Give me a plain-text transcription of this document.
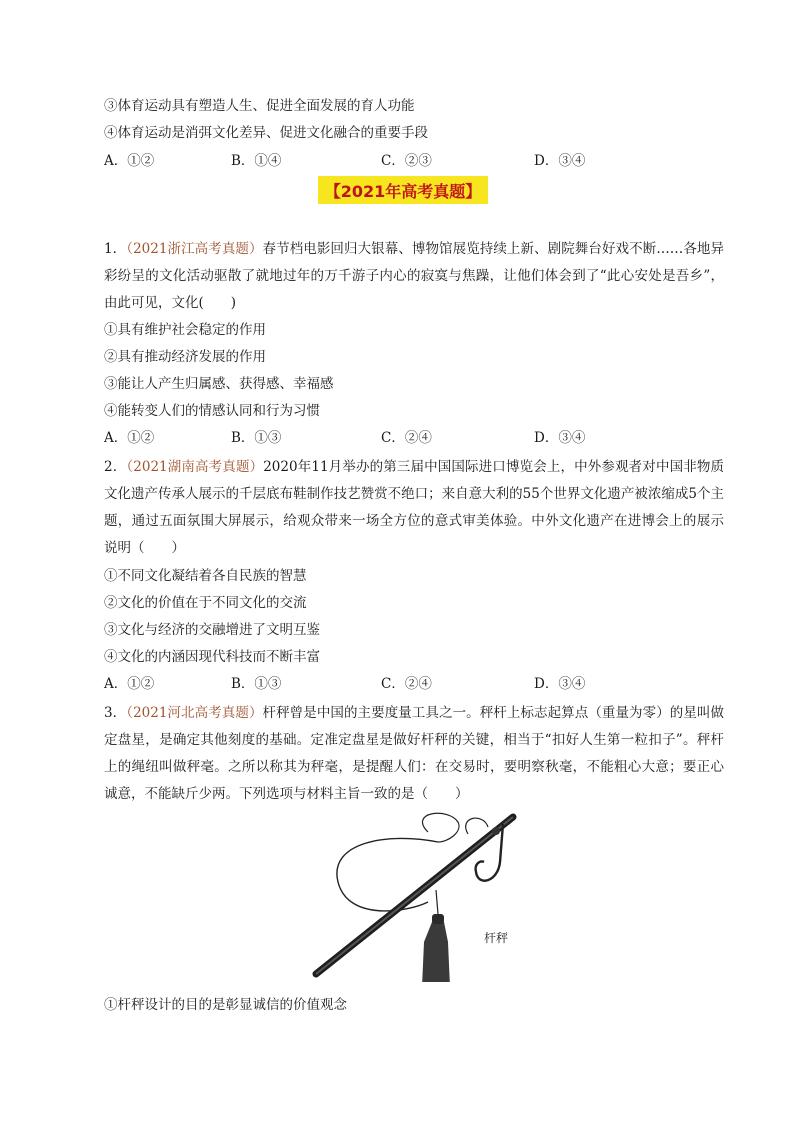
③体育运动具有塑造人生、促进全面发展的育人功能
④体育运动是消弭文化差异、促进文化融合的重要手段
A．①②	B．①④	C．②③	D．③④
【2021年高考真题】
1．（2021浙江高考真题）春节档电影回归大银幕、博物馆展览持续上新、剧院舞台好戏不断……各地异彩纷呈的文化活动驱散了就地过年的万千游子内心的寂寞与焦躁，让他们体会到了“此心安处是吾乡”，由此可见，文化(　　)
①具有维护社会稳定的作用
②具有推动经济发展的作用
③能让人产生归属感、获得感、幸福感
④能转变人们的情感认同和行为习惯
A．①②	B．①③	C．②④	D．③④
2．（2021湖南高考真题）2020年11月举办的第三届中国国际进口博览会上，中外参观者对中国非物质文化遗产传承人展示的千层底布鞋制作技艺赞赏不绝口；来自意大利的55个世界文化遗产被浓缩成5个主题，通过五面氛围大屏展示，给观众带来一场全方位的意式审美体验。中外文化遗产在进博会上的展示说明（　　）
①不同文化凝结着各自民族的智慧
②文化的价值在于不同文化的交流
③文化与经济的交融增进了文明互鉴
④文化的内涵因现代科技而不断丰富
A．①②	B．①③	C．②④	D．③④
3．（2021河北高考真题）杆秤曾是中国的主要度量工具之一。秤杆上标志起算点（重量为零）的星叫做定盘星，是确定其他刻度的基础。定准定盘星是做好杆秤的关键，相当于“扣好人生第一粒扣子”。秤杆上的绳纽叫做秤毫。之所以称其为秤毫，是提醒人们：在交易时，要明察秋毫，不能粗心大意；要正心诚意，不能缺斤少两。下列选项与材料主旨一致的是（　　）
杆秤
①杆秤设计的目的是彰显诚信的价值观念
